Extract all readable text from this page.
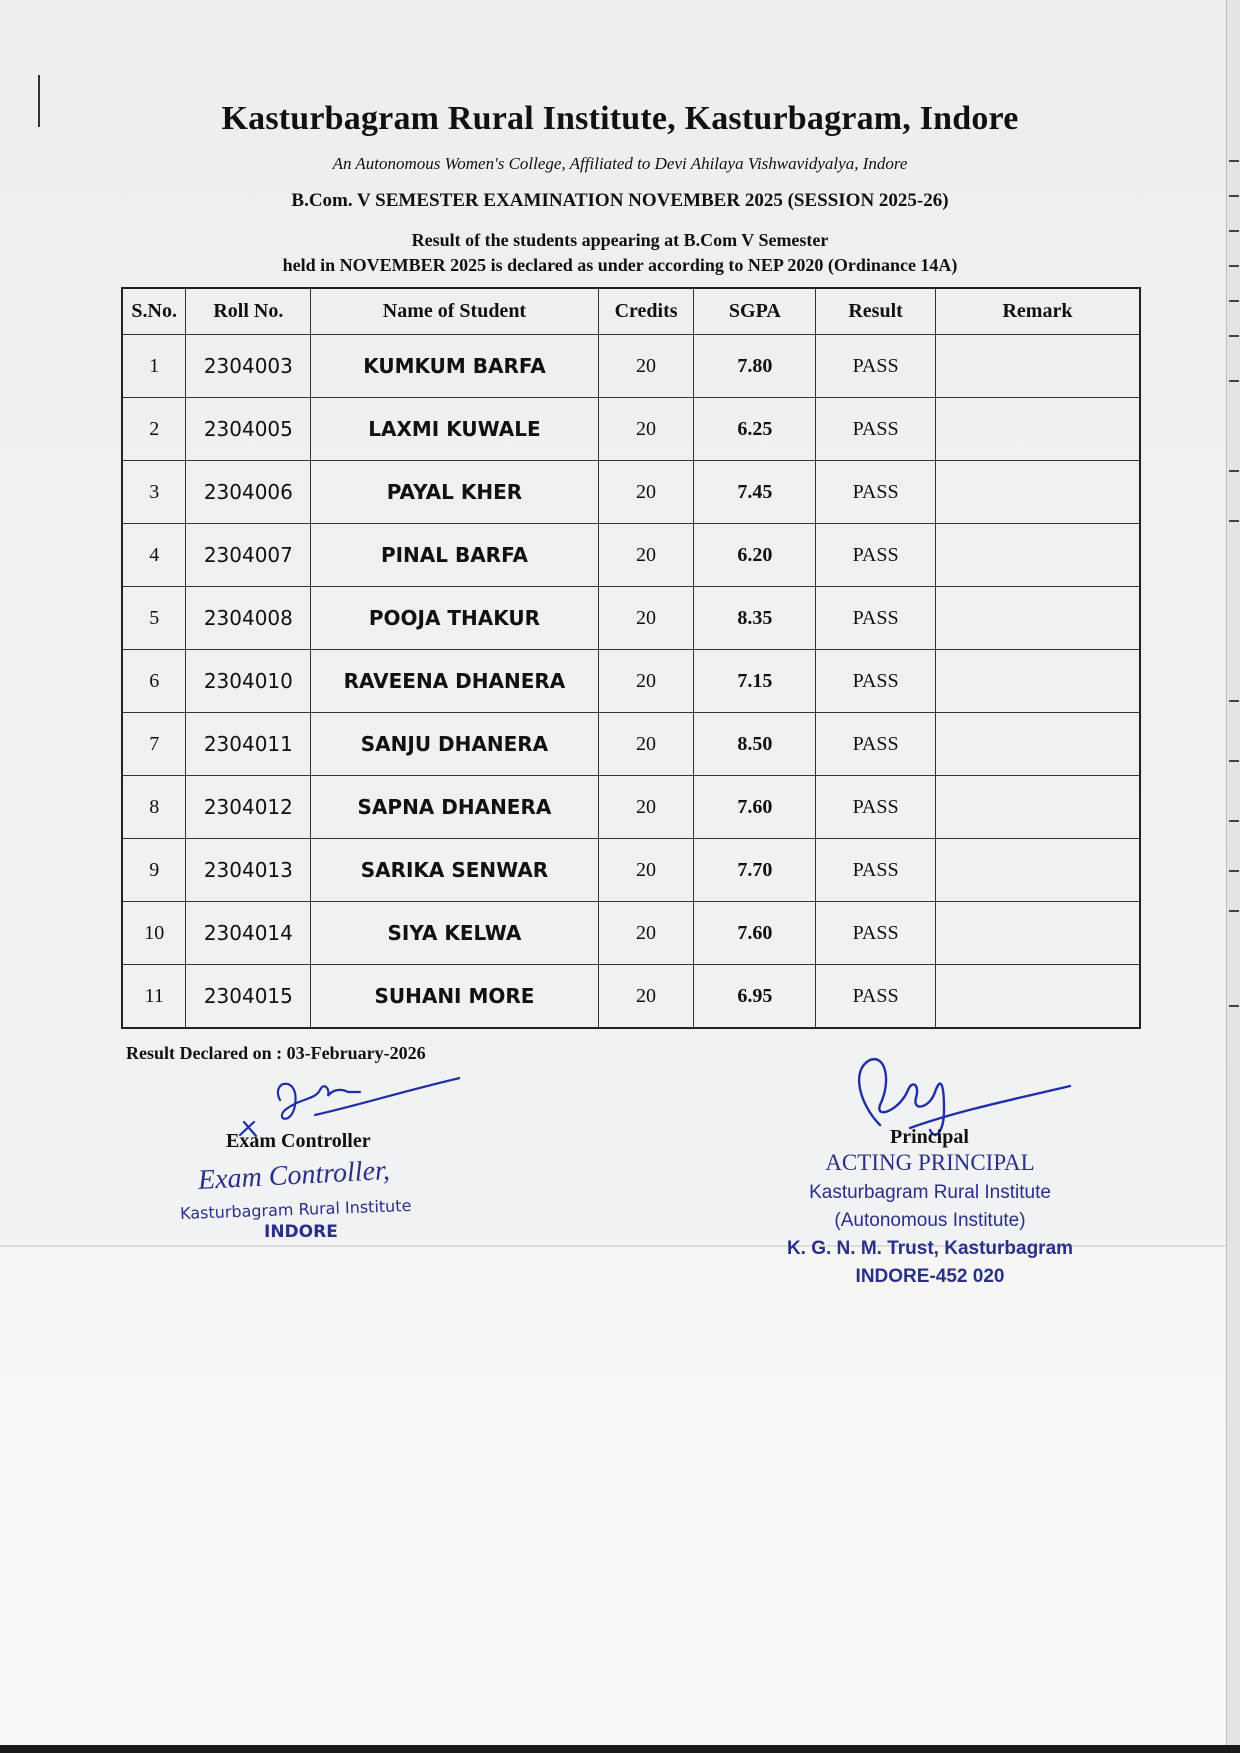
Kasturbagram Rural Institute, Kasturbagram, Indore
An Autonomous Women's College, Affiliated to Devi Ahilaya Vishwavidyalya, Indore
B.Com. V SEMESTER EXAMINATION NOVEMBER 2025 (SESSION 2025-26)
Result of the students appearing at B.Com V Semester
held in NOVEMBER 2025 is declared as under according to NEP 2020 (Ordinance 14A)
S.No.	Roll No.	Name of Student	Credits	SGPA	Result	Remark
1	2304003	KUMKUM BARFA	20	7.80	PASS	
2	2304005	LAXMI KUWALE	20	6.25	PASS	
3	2304006	PAYAL KHER	20	7.45	PASS	
4	2304007	PINAL BARFA	20	6.20	PASS	
5	2304008	POOJA THAKUR	20	8.35	PASS	
6	2304010	RAVEENA DHANERA	20	7.15	PASS	
7	2304011	SANJU DHANERA	20	8.50	PASS	
8	2304012	SAPNA DHANERA	20	7.60	PASS	
9	2304013	SARIKA SENWAR	20	7.70	PASS	
10	2304014	SIYA KELWA	20	7.60	PASS	
11	2304015	SUHANI MORE	20	6.95	PASS	
Result Declared on : 03-February-2026
Exam Controller
Exam Controller,
Kasturbagram Rural Institute
INDORE
Principal
ACTING PRINCIPAL
Kasturbagram Rural Institute
(Autonomous Institute)
K. G. N. M. Trust, Kasturbagram
INDORE-452 020
